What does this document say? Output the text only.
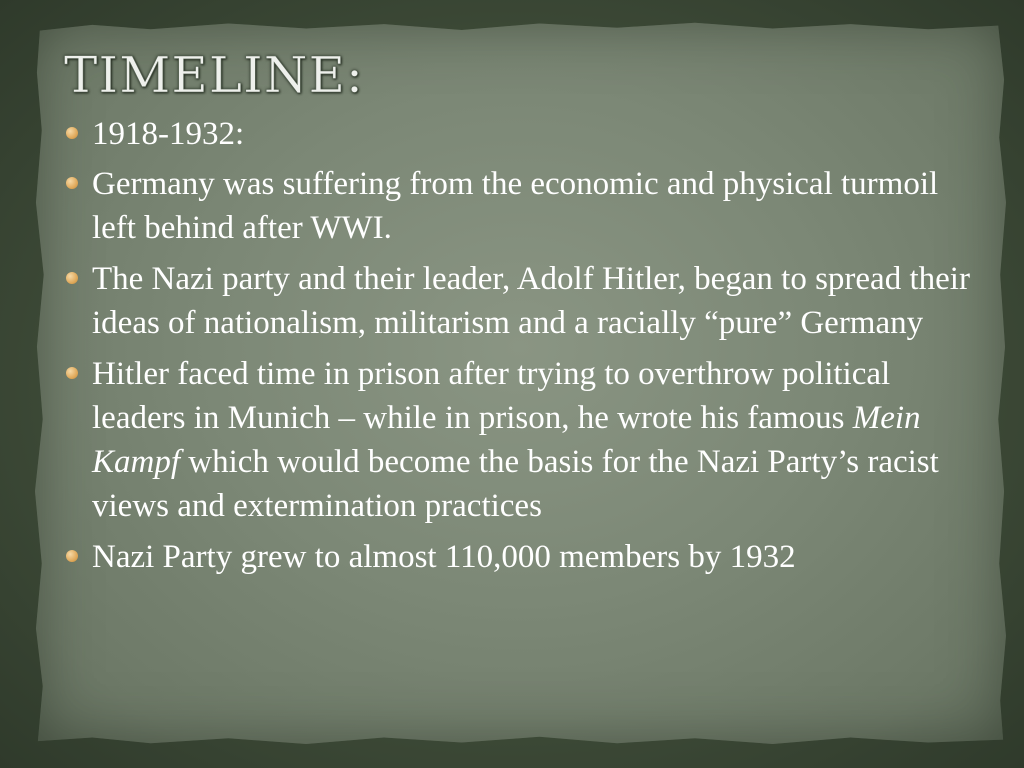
TIMELINE:
1918-1932:
Germany was suffering from the economic and physical turmoil left behind after WWI.
The Nazi party and their leader, Adolf Hitler, began to spread their ideas of nationalism, militarism and a racially “pure” Germany
Hitler faced time in prison after trying to overthrow political leaders in Munich – while in prison, he wrote his famous Mein Kampf which would become the basis for the Nazi Party’s racist views and extermination practices
Nazi Party grew to almost 110,000 members by 1932
